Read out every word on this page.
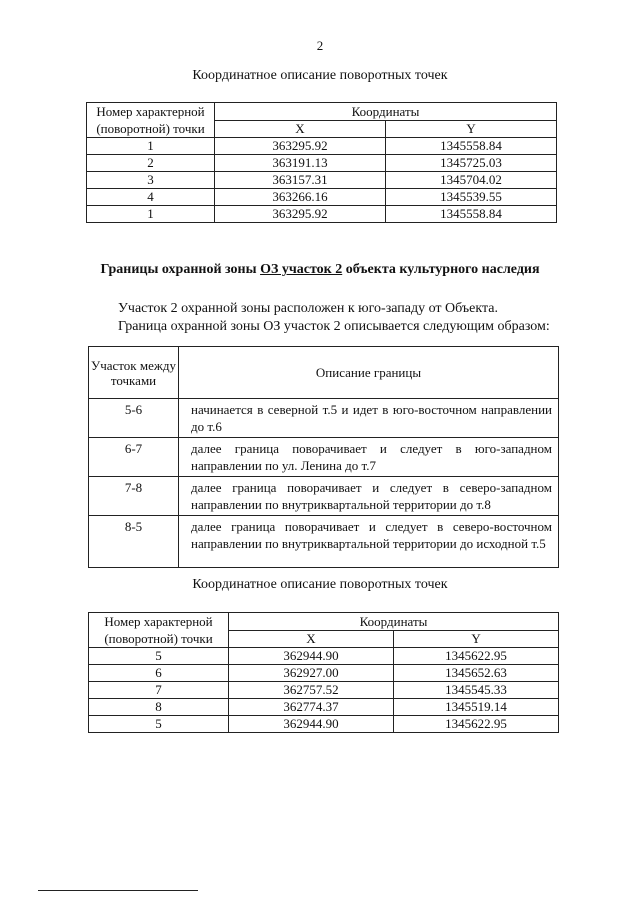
2
Координатное описание поворотных точек
Номер характерной
(поворотной) точки	Координаты	
	X	Y
1	363295.92	1345558.84
2	363191.13	1345725.03
3	363157.31	1345704.02
4	363266.16	1345539.55
1	363295.92	1345558.84
Границы охранной зоны ОЗ участок 2 объекта культурного наследия
Участок 2 охранной зоны расположен к юго-западу от Объекта.
Граница охранной зоны ОЗ участок 2 описывается следующим образом:
Участок между точками	Описание границы
5-6	начинается в северной т.5 и идет в юго-восточном направлении до т.6
6-7	далее граница поворачивает и следует в юго-западном направлении по ул. Ленина до т.7
7-8	далее граница поворачивает и следует в северо-западном направлении по внутриквартальной территории до т.8
8-5	далее граница поворачивает и следует в северо-восточном направлении по внутриквартальной территории до исходной т.5
Координатное описание поворотных точек
Номер характерной
(поворотной) точки	Координаты	
	X	Y
5	362944.90	1345622.95
6	362927.00	1345652.63
7	362757.52	1345545.33
8	362774.37	1345519.14
5	362944.90	1345622.95
